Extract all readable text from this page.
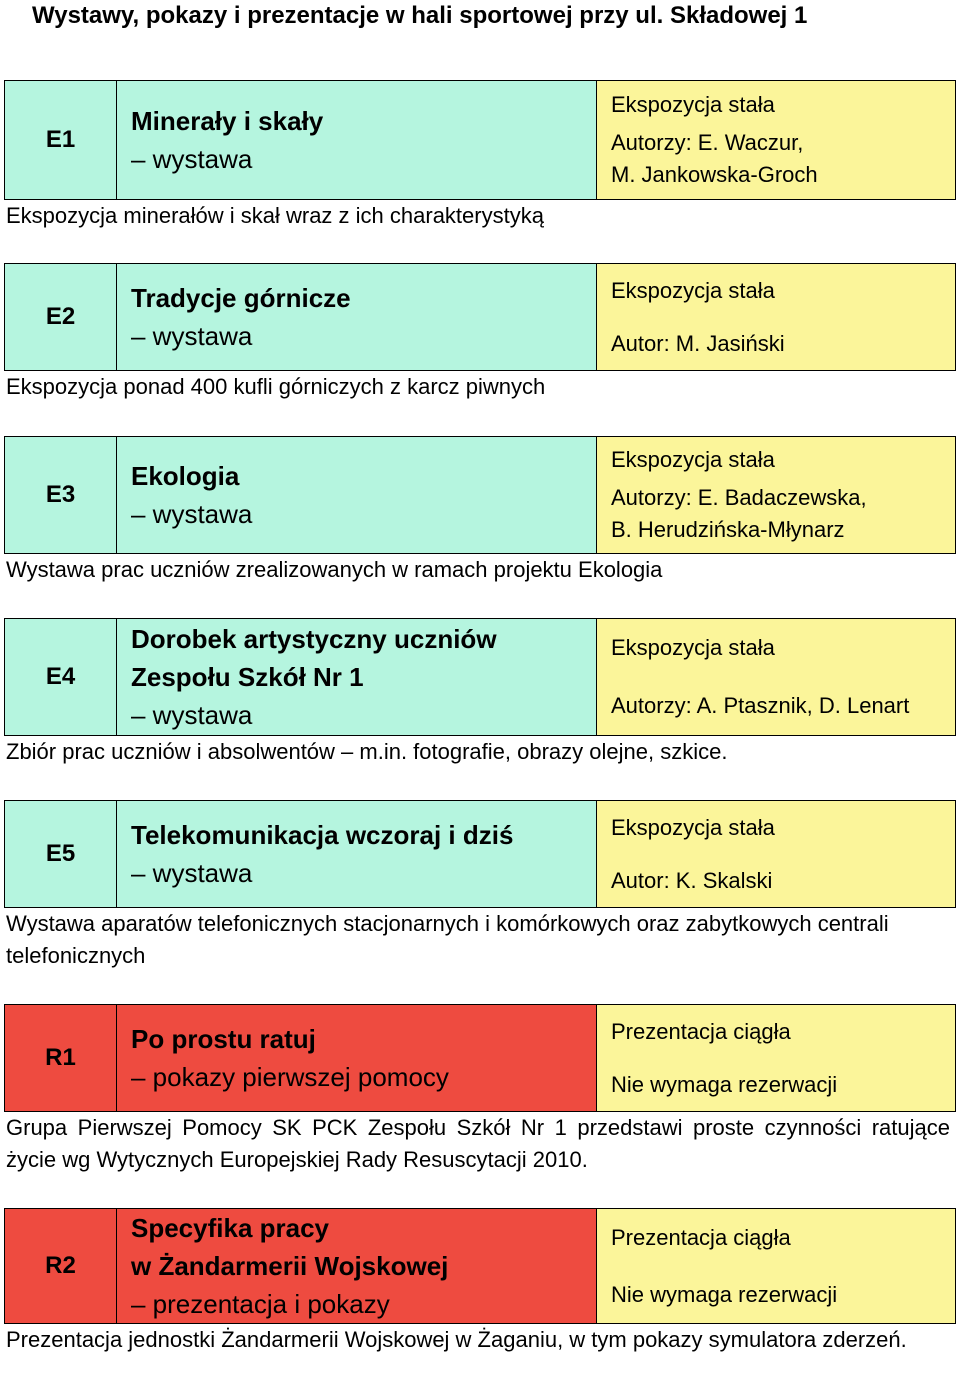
Wystawy, pokazy i prezentacje w hali sportowej przy ul. Składowej 1
E1
Minerały i skały
– wystawa
Ekspozycja stała
Autorzy: E. Waczur,
M. Jankowska-Groch
Ekspozycja minerałów i skał wraz z ich charakterystyką
E2
Tradycje górnicze
– wystawa
Ekspozycja stała
Autor: M. Jasiński
Ekspozycja ponad 400 kufli górniczych z karcz piwnych
E3
Ekologia
– wystawa
Ekspozycja stała
Autorzy: E. Badaczewska,
B. Herudzińska-Młynarz
Wystawa prac uczniów zrealizowanych w ramach projektu Ekologia
E4
Dorobek artystyczny uczniów
Zespołu Szkół Nr 1
– wystawa
Ekspozycja stała
Autorzy: A. Ptasznik, D. Lenart
Zbiór prac uczniów i absolwentów – m.in. fotografie, obrazy olejne, szkice.
E5
Telekomunikacja wczoraj i dziś
– wystawa
Ekspozycja stała
Autor: K. Skalski
Wystawa aparatów telefonicznych stacjonarnych i komórkowych oraz zabytkowych centrali telefonicznych
R1
Po prostu ratuj
– pokazy pierwszej pomocy
Prezentacja ciągła
Nie wymaga rezerwacji
Grupa Pierwszej Pomocy SK PCK Zespołu Szkół Nr 1 przedstawi proste czynności ratujące życie wg Wytycznych Europejskiej Rady Resuscytacji 2010.
R2
Specyfika pracy
w Żandarmerii Wojskowej
– prezentacja i pokazy
Prezentacja ciągła
Nie wymaga rezerwacji
Prezentacja jednostki Żandarmerii Wojskowej w Żaganiu, w tym pokazy symulatora zderzeń.
